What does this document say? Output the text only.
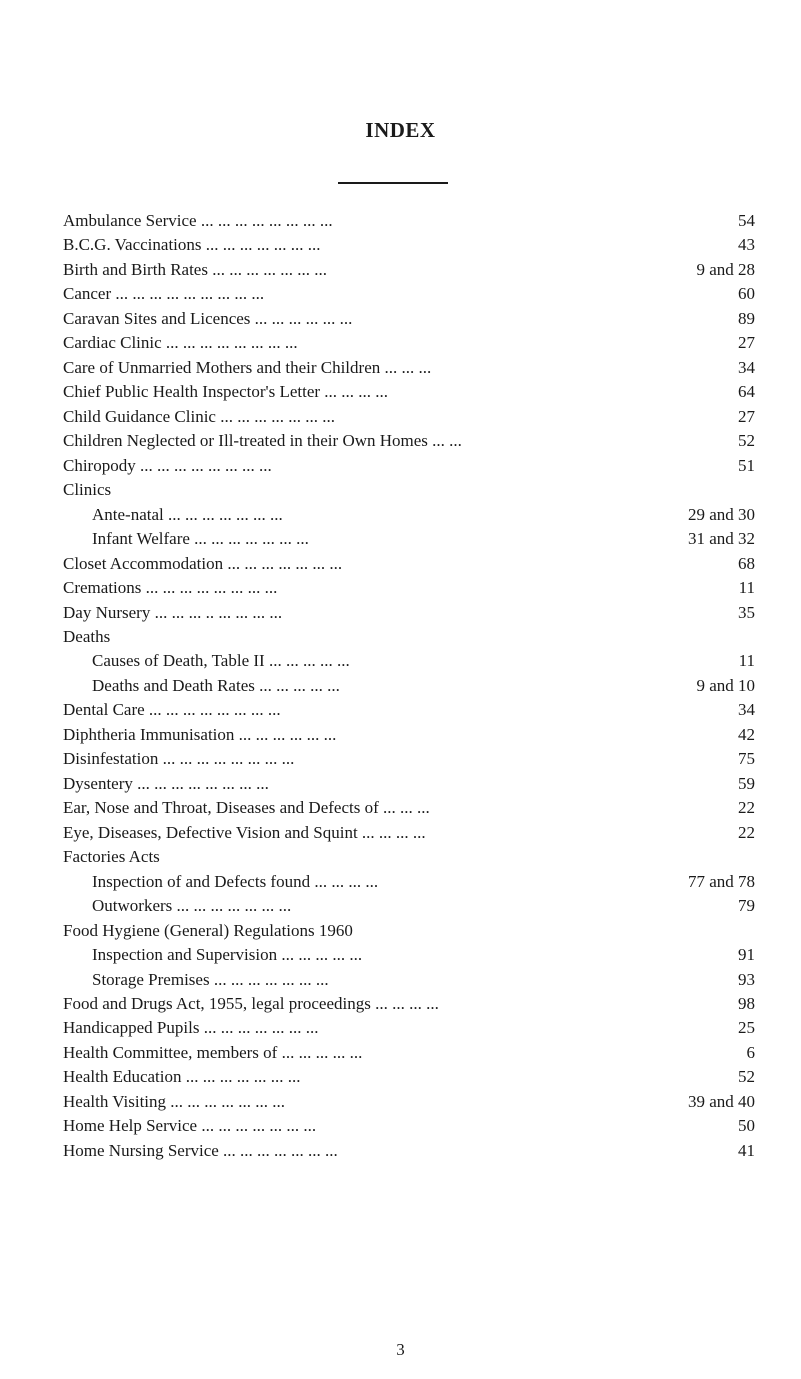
INDEX
Ambulance Service ... ... ... ... ... ... ... ...	54
B.C.G. Vaccinations ... ... ... ... ... ... ...	43
Birth and Birth Rates ... ... ... ... ... ... ...	9 and 28
Cancer ... ... ... ... ... ... ... ... ...	60
Caravan Sites and Licences ... ... ... ... ... ...	89
Cardiac Clinic ... ... ... ... ... ... ... ...	27
Care of Unmarried Mothers and their Children ... ... ...	34
Chief Public Health Inspector's Letter ... ... ... ...	64
Child Guidance Clinic ... ... ... ... ... ... ...	27
Children Neglected or Ill-treated in their Own Homes ... ...	52
Chiropody ... ... ... ... ... ... ... ...	51
Clinics
Ante-natal ... ... ... ... ... ... ...	29 and 30
Infant Welfare ... ... ... ... ... ... ...	31 and 32
Closet Accommodation ... ... ... ... ... ... ...	68
Cremations ... ... ... ... ... ... ... ...	11
Day Nursery ... ... ... .. ... ... ... ...	35
Deaths
Causes of Death, Table II ... ... ... ... ...	11
Deaths and Death Rates ... ... ... ... ...	9 and 10
Dental Care ... ... ... ... ... ... ... ...	34
Diphtheria Immunisation ... ... ... ... ... ...	42
Disinfestation ... ... ... ... ... ... ... ...	75
Dysentery ... ... ... ... ... ... ... ...	59
Ear, Nose and Throat, Diseases and Defects of ... ... ...	22
Eye, Diseases, Defective Vision and Squint ... ... ... ...	22
Factories Acts
Inspection of and Defects found ... ... ... ...	77 and 78
Outworkers ... ... ... ... ... ... ...	79
Food Hygiene (General) Regulations 1960
Inspection and Supervision ... ... ... ... ...	91
Storage Premises ... ... ... ... ... ... ...	93
Food and Drugs Act, 1955, legal proceedings ... ... ... ...	98
Handicapped Pupils ... ... ... ... ... ... ...	25
Health Committee, members of ... ... ... ... ...	6
Health Education ... ... ... ... ... ... ...	52
Health Visiting ... ... ... ... ... ... ...	39 and 40
Home Help Service ... ... ... ... ... ... ...	50
Home Nursing Service ... ... ... ... ... ... ...	41

3
